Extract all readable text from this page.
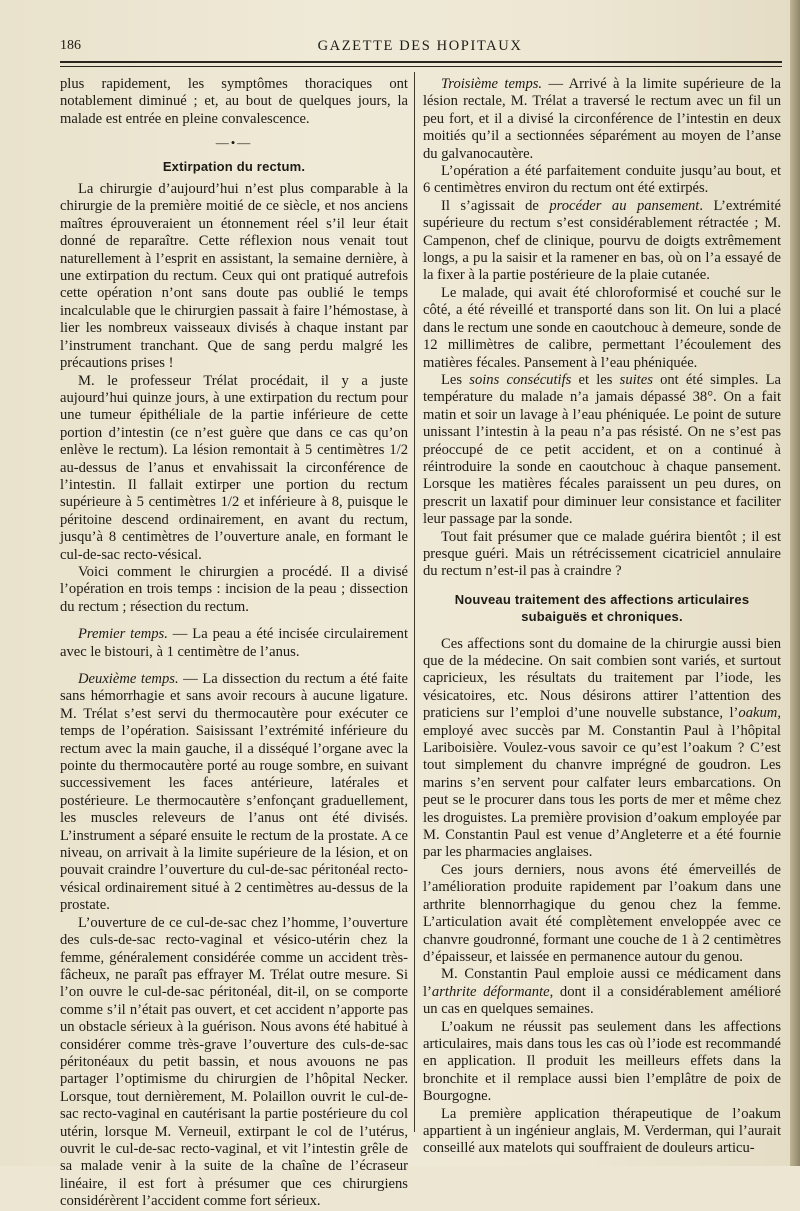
186	GAZETTE DES HOPITAUX

plus rapidement, les symptômes thoraciques ont notablement diminué ; et, au bout de quelques jours, la malade est entrée en pleine convalescence.

—•—

Extirpation du rectum.

La chirurgie d’aujourd’hui n’est plus comparable à la chirurgie de la première moitié de ce siècle, et nos anciens maîtres éprouveraient un étonnement réel s’il leur était donné de reparaître. Cette réflexion nous venait tout naturellement à l’esprit en assistant, la semaine dernière, à une extirpation du rectum. Ceux qui ont pratiqué autrefois cette opération n’ont sans doute pas oublié le temps incalculable que le chirurgien passait à faire l’hémostase, à lier les nombreux vaisseaux divisés à chaque instant par l’instrument tranchant. Que de sang perdu malgré les précautions prises !

M. le professeur Trélat procédait, il y a juste aujourd’hui quinze jours, à une extirpation du rectum pour une tumeur épithéliale de la partie inférieure de cette portion d’intestin (ce n’est guère que dans ce cas qu’on enlève le rectum). La lésion remontait à 5 centimètres 1/2 au-dessus de l’anus et envahissait la circonférence de l’intestin. Il fallait extirper une portion du rectum supérieure à 5 centimètres 1/2 et inférieure à 8, puisque le péritoine descend ordinairement, en avant du rectum, jusqu’à 8 centimètres de l’ouverture anale, en formant le cul-de-sac recto-vésical.

Voici comment le chirurgien a procédé. Il a divisé l’opération en trois temps : incision de la peau ; dissection du rectum ; résection du rectum.

Premier temps. — La peau a été incisée circulairement avec le bistouri, à 1 centimètre de l’anus.

Deuxième temps. — La dissection du rectum a été faite sans hémorrhagie et sans avoir recours à aucune ligature. M. Trélat s’est servi du thermocautère pour exécuter ce temps de l’opération. Saisissant l’extrémité inférieure du rectum avec la main gauche, il a disséqué l’organe avec la pointe du thermocautère porté au rouge sombre, en suivant successivement les faces antérieure, latérales et postérieure. Le thermocautère s’enfonçant graduellement, les muscles releveurs de l’anus ont été divisés. L’instrument a séparé ensuite le rectum de la prostate. A ce niveau, on arrivait à la limite supérieure de la lésion, et on pouvait craindre l’ouverture du cul-de-sac péritonéal recto-vésical ordinairement situé à 2 centimètres au-dessus de la prostate.

L’ouverture de ce cul-de-sac chez l’homme, l’ouverture des culs-de-sac recto-vaginal et vésico-utérin chez la femme, généralement considérée comme un accident très-fâcheux, ne paraît pas effrayer M. Trélat outre mesure. Si l’on ouvre le cul-de-sac péritonéal, dit-il, on se comporte comme s’il n’était pas ouvert, et cet accident n’apporte pas un obstacle sérieux à la guérison. Nous avons été habitué à considérer comme très-grave l’ouverture des culs-de-sac péritonéaux du petit bassin, et nous avouons ne pas partager l’optimisme du chirurgien de l’hôpital Necker. Lorsque, tout dernièrement, M. Polaillon ouvrit le cul-de-sac recto-vaginal en cautérisant la partie postérieure du col utérin, lorsque M. Verneuil, extirpant le col de l’utérus, ouvrit le cul-de-sac recto-vaginal, et vit l’intestin grêle de sa malade venir à la suite de la chaîne de l’écraseur linéaire, il est fort à présumer que ces chirurgiens considérèrent l’accident comme fort sérieux.

Troisième temps. — Arrivé à la limite supérieure de la lésion rectale, M. Trélat a traversé le rectum avec un fil un peu fort, et il a divisé la circonférence de l’intestin en deux moitiés qu’il a sectionnées séparément au moyen de l’anse du galvanocautère.

L’opération a été parfaitement conduite jusqu’au bout, et 6 centimètres environ du rectum ont été extirpés.

Il s’agissait de procéder au pansement. L’extrémité supérieure du rectum s’est considérablement rétractée ; M. Campenon, chef de clinique, pourvu de doigts extrêmement longs, a pu la saisir et la ramener en bas, où on l’a essayé de la fixer à la partie postérieure de la plaie cutanée.

Le malade, qui avait été chloroformisé et couché sur le côté, a été réveillé et transporté dans son lit. On lui a placé dans le rectum une sonde en caoutchouc à demeure, sonde de 12 millimètres de calibre, permettant l’écoulement des matières fécales. Pansement à l’eau phéniquée.

Les soins consécutifs et les suites ont été simples. La température du malade n’a jamais dépassé 38°. On a fait matin et soir un lavage à l’eau phéniquée. Le point de suture unissant l’intestin à la peau n’a pas résisté. On ne s’est pas préoccupé de ce petit accident, et on a continué à réintroduire la sonde en caoutchouc à chaque pansement. Lorsque les matières fécales paraissent un peu dures, on prescrit un laxatif pour diminuer leur consistance et faciliter leur passage par la sonde.

Tout fait présumer que ce malade guérira bientôt ; il est presque guéri. Mais un rétrécissement cicatriciel annulaire du rectum n’est-il pas à craindre ?

Nouveau traitement des affections articulaires subaiguës et chroniques.

Ces affections sont du domaine de la chirurgie aussi bien que de la médecine. On sait combien sont variés, et surtout capricieux, les résultats du traitement par l’iode, les vésicatoires, etc. Nous désirons attirer l’attention des praticiens sur l’emploi d’une nouvelle substance, l’oakum, employé avec succès par M. Constantin Paul à l’hôpital Lariboisière. Voulez-vous savoir ce qu’est l’oakum ? C’est tout simplement du chanvre imprégné de goudron. Les marins s’en servent pour calfater leurs embarcations. On peut se le procurer dans tous les ports de mer et même chez les droguistes. La première provision d’oakum employée par M. Constantin Paul est venue d’Angleterre et a été fournie par les pharmacies anglaises.

Ces jours derniers, nous avons été émerveillés de l’amélioration produite rapidement par l’oakum dans une arthrite blennorrhagique du genou chez la femme. L’articulation avait été complètement enveloppée avec ce chanvre goudronné, formant une couche de 1 à 2 centimètres d’épaisseur, et laissée en permanence autour du genou.

M. Constantin Paul emploie aussi ce médicament dans l’arthrite déformante, dont il a considérablement amélioré un cas en quelques semaines.

L’oakum ne réussit pas seulement dans les affections articulaires, mais dans tous les cas où l’iode est recommandé en application. Il produit les meilleurs effets dans la bronchite et il remplace aussi bien l’emplâtre de poix de Bourgogne.

La première application thérapeutique de l’oakum appartient à un ingénieur anglais, M. Verderman, qui l’aurait conseillé aux matelots qui souffraient de douleurs articu-
